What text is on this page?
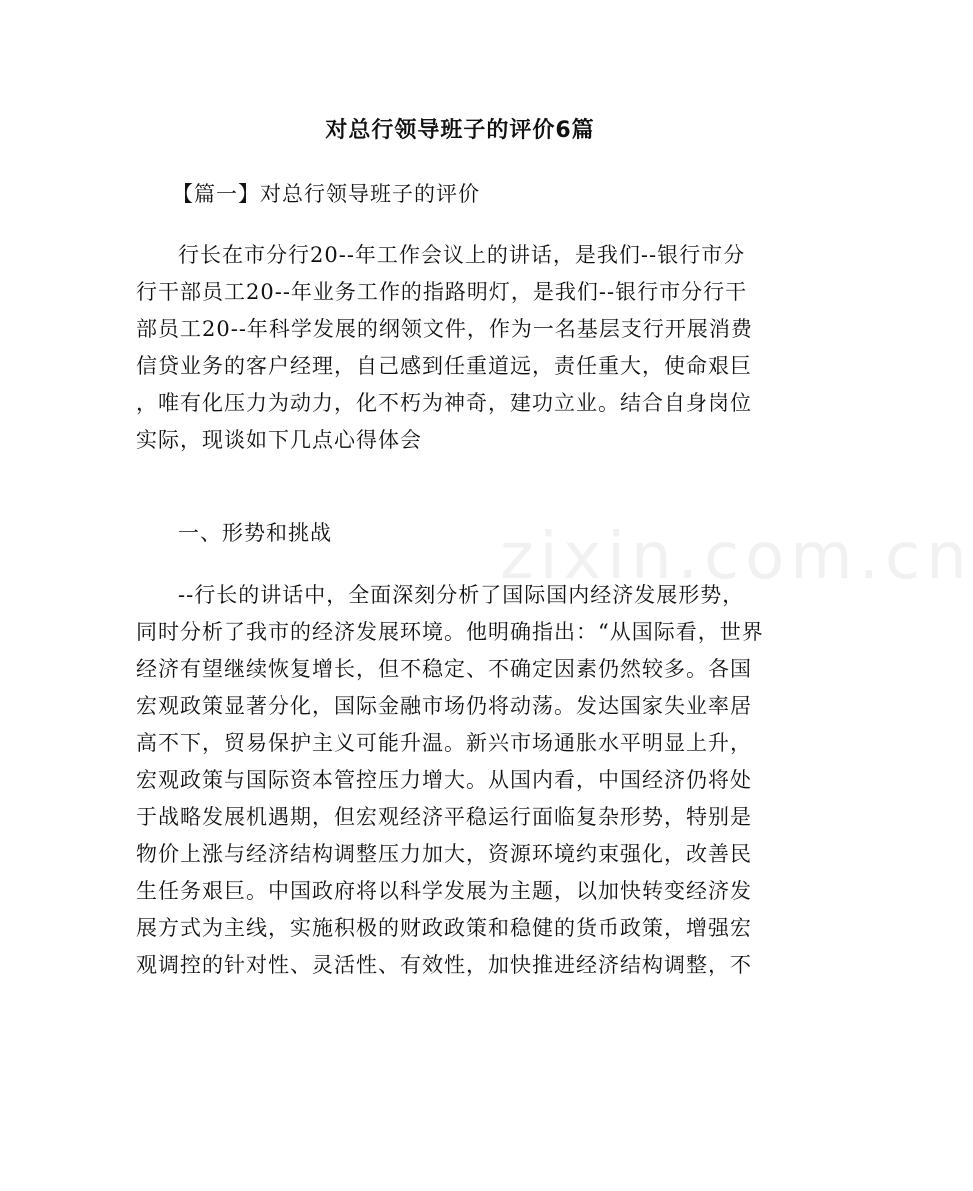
对总行领导班子的评价6篇
【篇一】对总行领导班子的评价
行长在市分行20--年工作会议上的讲话，是我们--银行市分
行干部员工20--年业务工作的指路明灯，是我们--银行市分行干
部员工20--年科学发展的纲领文件，作为一名基层支行开展消费
信贷业务的客户经理，自己感到任重道远，责任重大，使命艰巨
，唯有化压力为动力，化不朽为神奇，建功立业。结合自身岗位
实际，现谈如下几点心得体会
一、形势和挑战
--行长的讲话中，全面深刻分析了国际国内经济发展形势，
同时分析了我市的经济发展环境。他明确指出：“从国际看，世界
经济有望继续恢复增长，但不稳定、不确定因素仍然较多。各国
宏观政策显著分化，国际金融市场仍将动荡。发达国家失业率居
高不下，贸易保护主义可能升温。新兴市场通胀水平明显上升，
宏观政策与国际资本管控压力增大。从国内看，中国经济仍将处
于战略发展机遇期，但宏观经济平稳运行面临复杂形势，特别是
物价上涨与经济结构调整压力加大，资源环境约束强化，改善民
生任务艰巨。中国政府将以科学发展为主题，以加快转变经济发
展方式为主线，实施积极的财政政策和稳健的货币政策，增强宏
观调控的针对性、灵活性、有效性，加快推进经济结构调整，不
zixin.com.cn
